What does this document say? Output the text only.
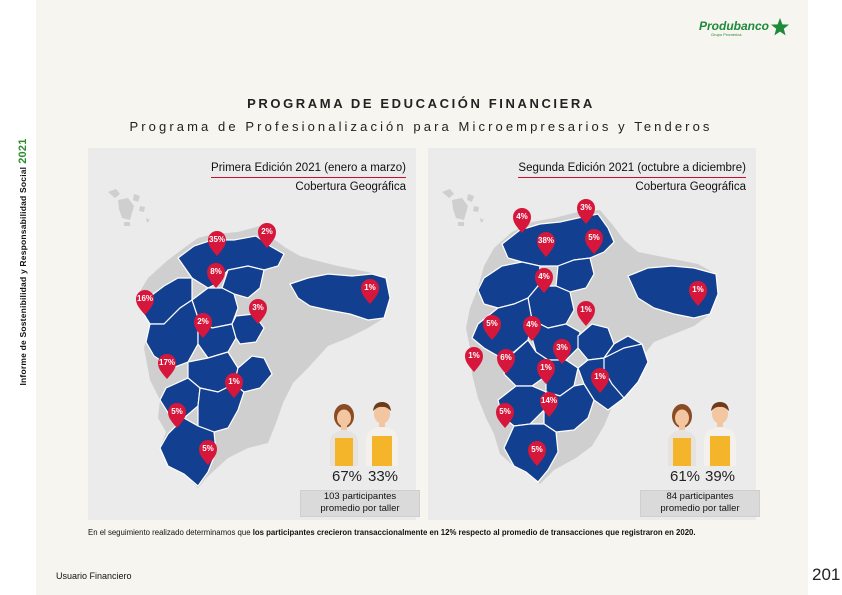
Informe de Sostenibilidad y Responsabilidad Social2021
Produbanco
Grupo Promerica
PROGRAMA DE EDUCACIÓN FINANCIERA
Programa de Profesionalización para Microempresarios y Tenderos
35%
2%
8%
16%
3%
2%
1%
17%
1%
5%
5%
Primera Edición 2021 (enero a marzo)
Cobertura Geográfica
67% 33%
103 participantes
promedio por taller
4%
3%
38%	5%
4%
1%
5%
1%
4%
3%
1%
6%
1%
1%
14%
5%
5%
Segunda Edición 2021 (octubre a diciembre)
Cobertura Geográfica
61% 39%
84 participantes
promedio por taller
En el seguimiento realizado determinamos que los participantes crecieron transaccionalmente en 12% respecto al promedio de transacciones que registraron en 2020.
Usuario Financiero	201
